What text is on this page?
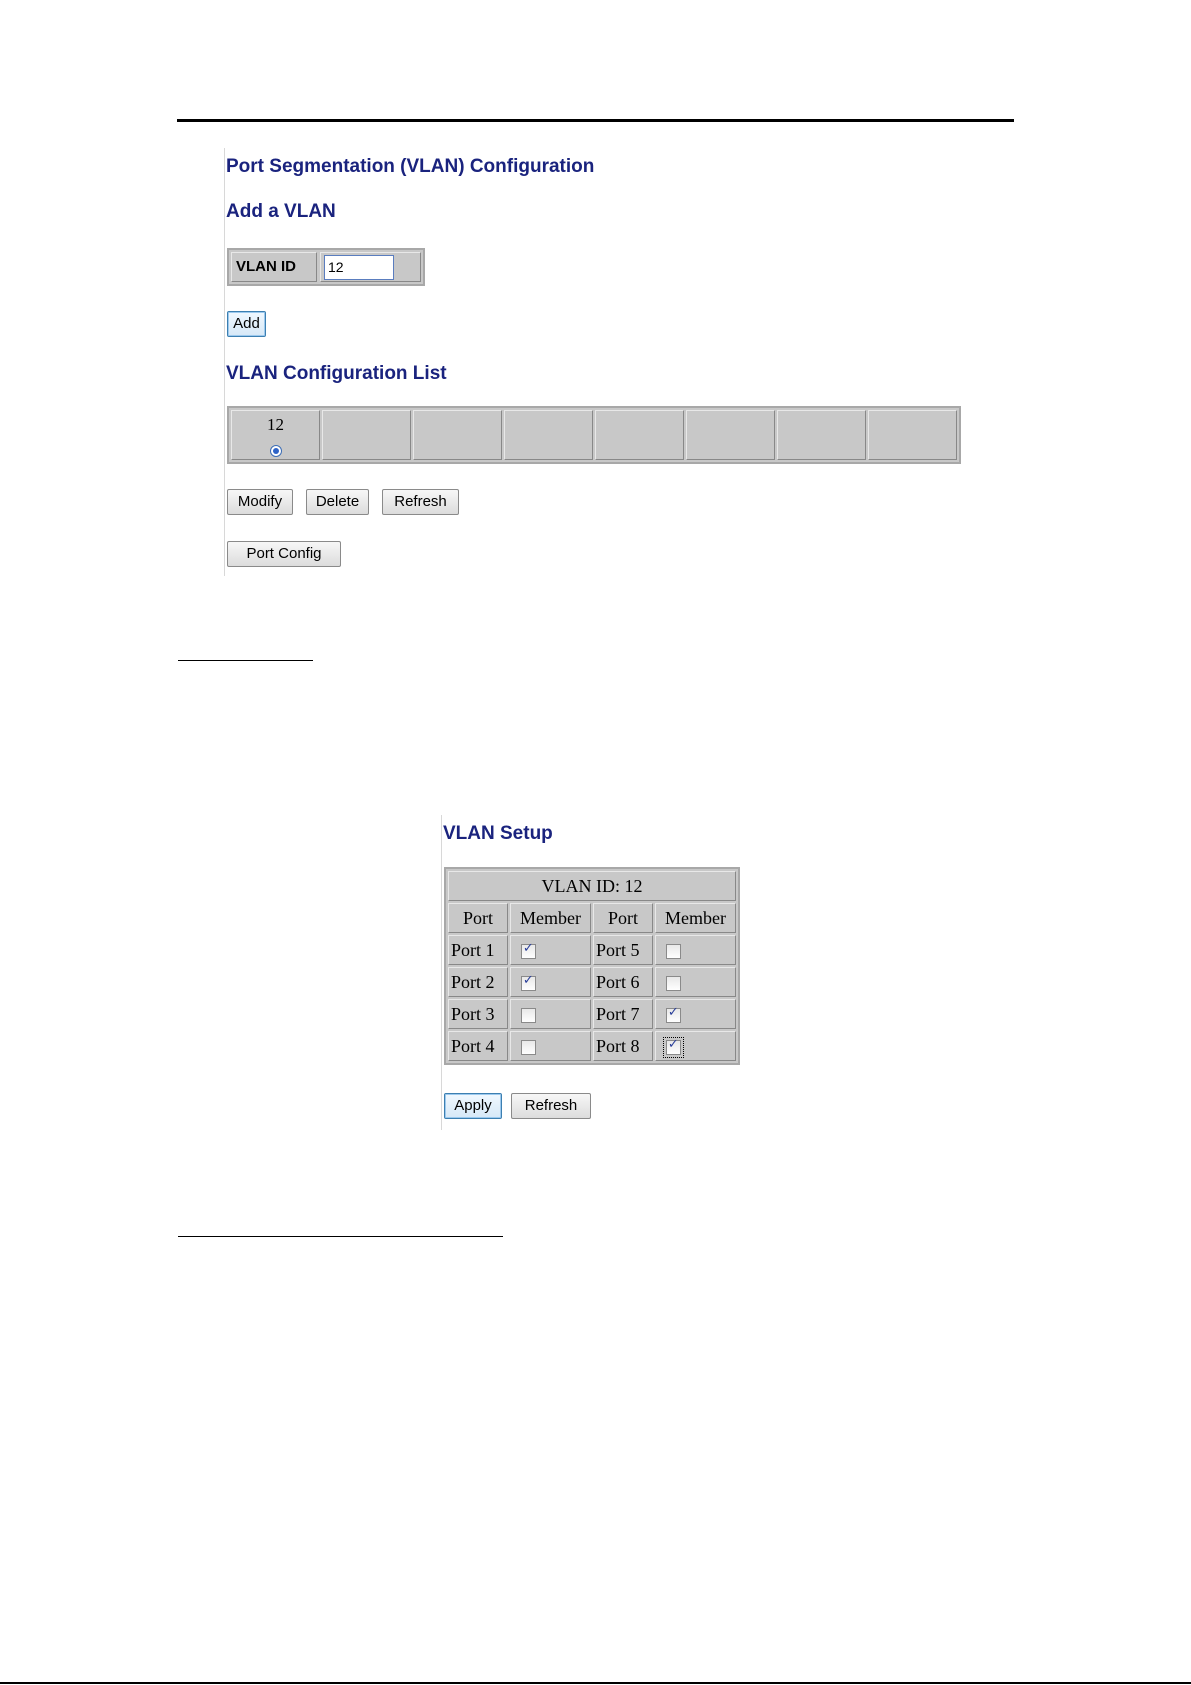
Port Segmentation (VLAN) Configuration
Add a VLAN
VLAN ID	12
Add
VLAN Configuration List
12
Modify	Delete	Refresh
Port Config
VLAN Setup
VLAN ID: 12			
Port	Member	Port	Member
Port 1	✓	Port 5	
Port 2	✓	Port 6	
Port 3		Port 7	✓
Port 4		Port 8	✓
Apply	Refresh
